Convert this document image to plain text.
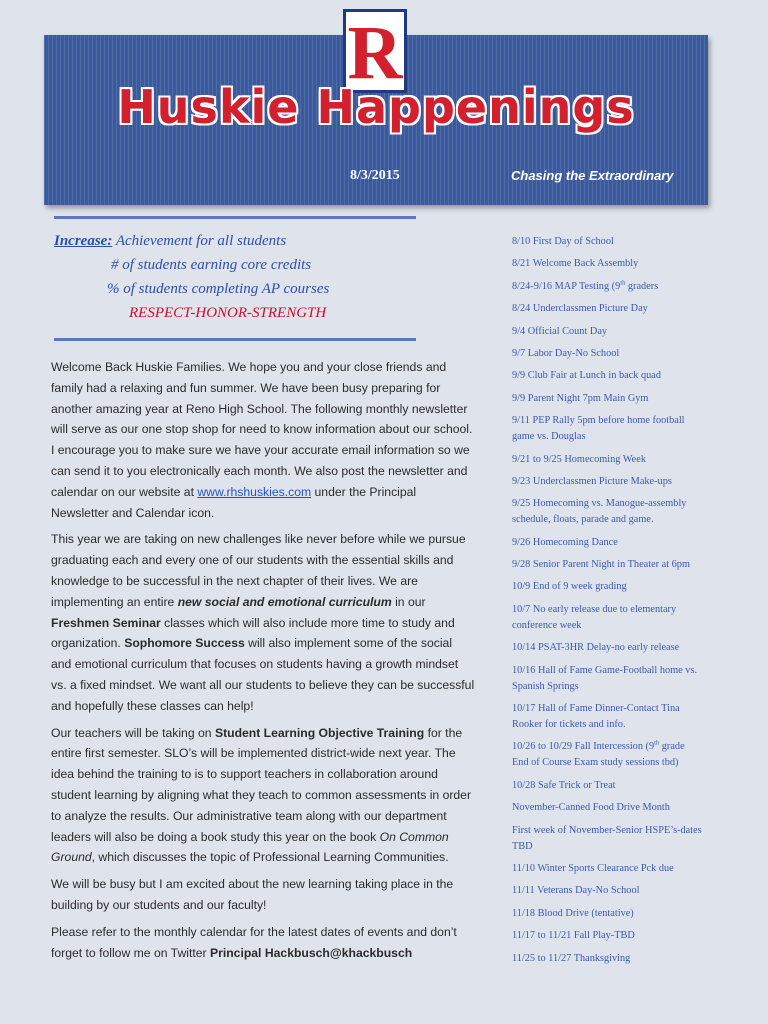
R
Huskie Happenings
8/3/2015	Chasing the Extraordinary
Increase: Achievement for all students
# of students earning core credits
% of students completing AP courses
RESPECT-HONOR-STRENGTH

Welcome Back Huskie Families. We hope you and your close friends and family had a relaxing and fun summer. We have been busy preparing for another amazing year at Reno High School. The following monthly newsletter will serve as our one stop shop for need to know information about our school. I encourage you to make sure we have your accurate email information so we can send it to you electronically each month. We also post the newsletter and calendar on our website at www.rhshuskies.com under the Principal Newsletter and Calendar icon.

This year we are taking on new challenges like never before while we pursue graduating each and every one of our students with the essential skills and knowledge to be successful in the next chapter of their lives. We are implementing an entire new social and emotional curriculum in our Freshmen Seminar classes which will also include more time to study and organization. Sophomore Success will also implement some of the social and emotional curriculum that focuses on students having a growth mindset vs. a fixed mindset. We want all our students to believe they can be successful and hopefully these classes can help!

Our teachers will be taking on Student Learning Objective Training for the entire first semester. SLO’s will be implemented district-wide next year. The idea behind the training to is to support teachers in collaboration around student learning by aligning what they teach to common assessments in order to analyze the results. Our administrative team along with our department leaders will also be doing a book study this year on the book On Common Ground, which discusses the topic of Professional Learning Communities.

We will be busy but I am excited about the new learning taking place in the building by our students and our faculty!

Please refer to the monthly calendar for the latest dates of events and don’t forget to follow me on Twitter Principal Hackbusch@khackbusch

8/10 First Day of School
8/21 Welcome Back Assembly
8/24-9/16 MAP Testing (9th graders
8/24 Underclassmen Picture Day
9/4 Official Count Day
9/7 Labor Day-No School
9/9 Club Fair at Lunch in back quad
9/9 Parent Night 7pm Main Gym
9/11 PEP Rally 5pm before home football game vs. Douglas
9/21 to 9/25 Homecoming Week
9/23 Underclassmen Picture Make-ups
9/25 Homecoming vs. Manogue-assembly schedule, floats, parade and game.
9/26 Homecoming Dance
9/28 Senior Parent Night in Theater at 6pm
10/9 End of 9 week grading
10/7 No early release due to elementary conference week
10/14 PSAT-3HR Delay-no early release
10/16 Hall of Fame Game-Football home vs. Spanish Springs
10/17 Hall of Fame Dinner-Contact Tina Rooker for tickets and info.
10/26 to 10/29 Fall Intercession (9th grade End of Course Exam study sessions tbd)
10/28 Safe Trick or Treat
November-Canned Food Drive Month
First week of November-Senior HSPE’s-dates TBD
11/10 Winter Sports Clearance Pck due
11/11 Veterans Day-No School
11/18 Blood Drive (tentative)
11/17 to 11/21 Fall Play-TBD
11/25 to 11/27 Thanksgiving
